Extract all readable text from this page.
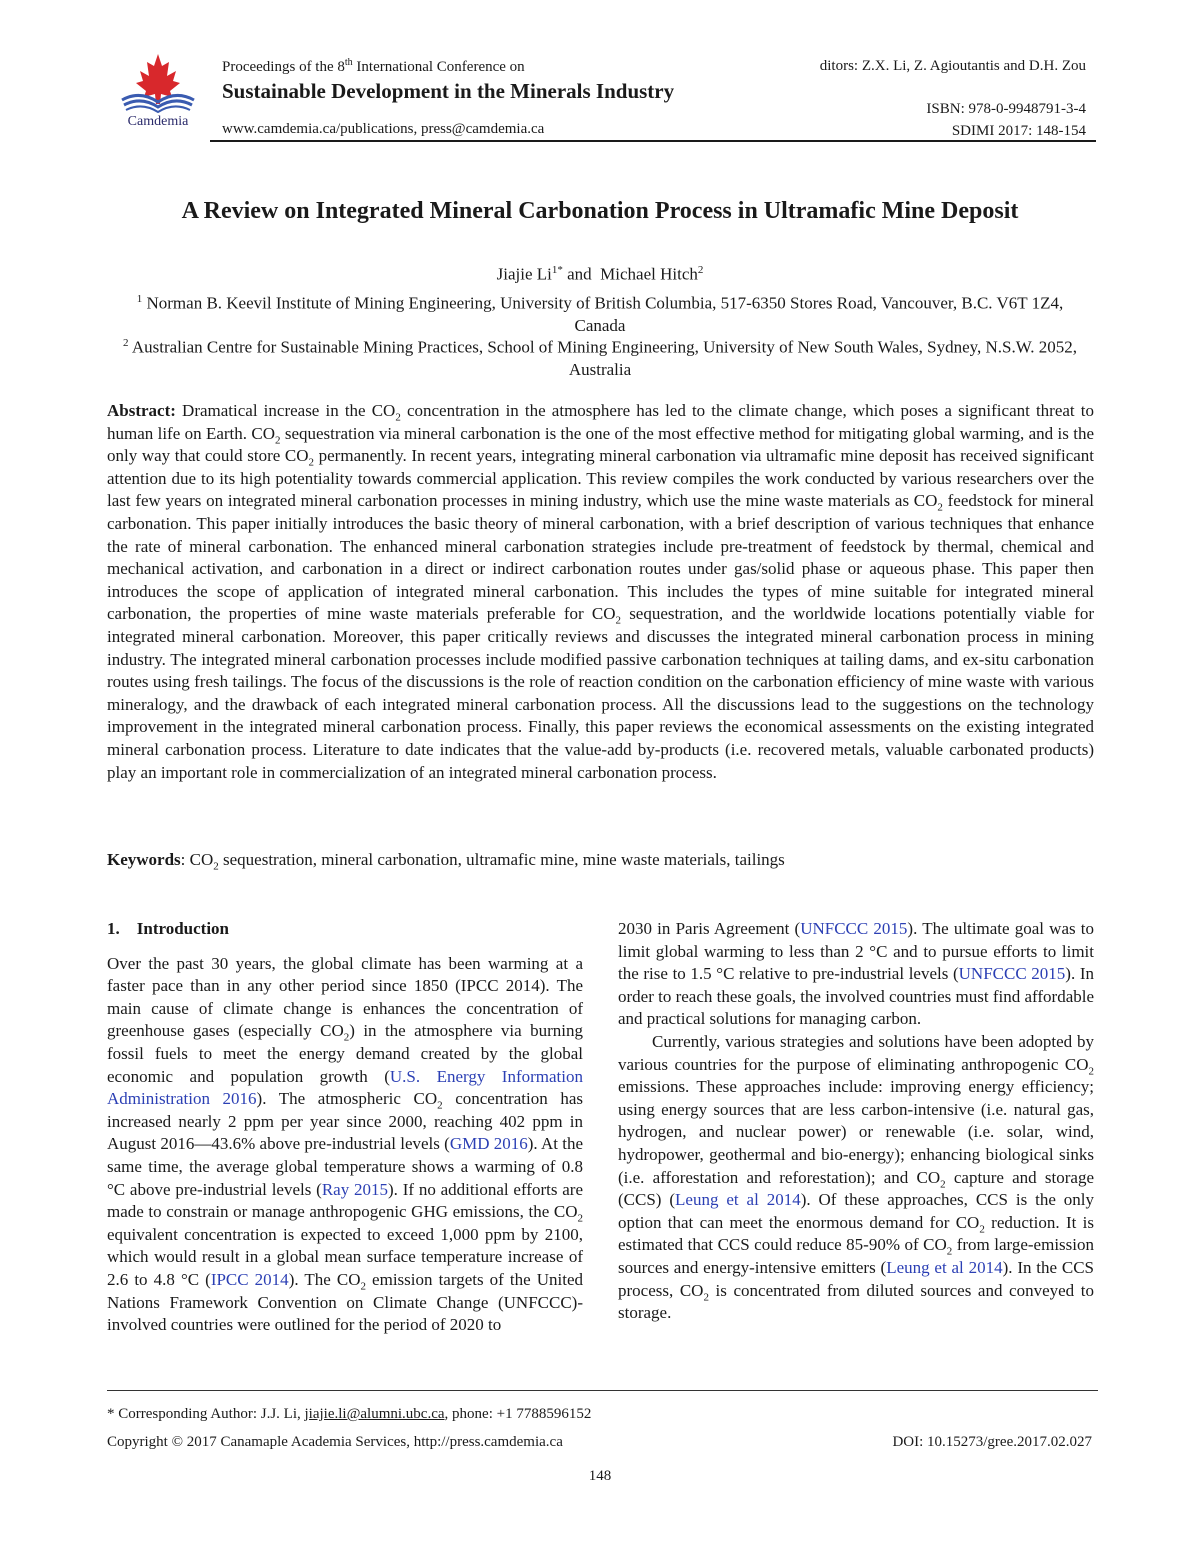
Camdemia
Proceedings of the 8th International Conference on
Sustainable Development in the Minerals Industry
www.camdemia.ca/publications, press@camdemia.ca
ditors: Z.X. Li, Z. Agioutantis and D.H. Zou
ISBN: 978-0-9948791-3-4
SDIMI 2017: 148-154
A Review on Integrated Mineral Carbonation Process in Ultramafic Mine Deposit
Jiajie $Li^{1*}$ and  Michael Hitch$^2$
$^1$ Norman B. Keevil Institute of Mining Engineering, University of British Columbia, 517-6350 Stores Road, Vancouver, B.C. V6T 1Z4, Canada
$^2$ Australian Centre for Sustainable Mining Practices, School of Mining Engineering, University of New South Wales, Sydney, N.S.W. 2052, Australia
Abstract: Dramatical increase in the $CO_2$ concentration in the atmosphere has led to the climate change, which poses a significant threat to human life on Earth. $CO_2$ sequestration via mineral carbonation is the one of the most effective method for mitigating global warming, and is the only way that could store $CO_2$ permanently. In recent years, integrating mineral carbonation via ultramafic mine deposit has received significant attention due to its high potentiality towards commercial application. This review compiles the work conducted by various researchers over the last few years on integrated mineral carbonation processes in mining industry, which use the mine waste materials as $CO_2$ feedstock for mineral carbonation. This paper initially introduces the basic theory of mineral carbonation, with a brief description of various techniques that enhance the rate of mineral carbonation. The enhanced mineral carbonation strategies include pre-treatment of feedstock by thermal, chemical and mechanical activation, and carbonation in a direct or indirect carbonation routes under gas/solid phase or aqueous phase. This paper then introduces the scope of application of integrated mineral carbonation. This includes the types of mine suitable for integrated mineral carbonation, the properties of mine waste materials preferable for $CO_2$ sequestration, and the worldwide locations potentially viable for integrated mineral carbonation. Moreover, this paper critically reviews and discusses the integrated mineral carbonation process in mining industry. The integrated mineral carbonation processes include modified passive carbonation techniques at tailing dams, and ex-situ carbonation routes using fresh tailings. The focus of the discussions is the role of reaction condition on the carbonation efficiency of mine waste with various mineralogy, and the drawback of each integrated mineral carbonation process. All the discussions lead to the suggestions on the technology improvement in the integrated mineral carbonation process. Finally, this paper reviews the economical assessments on the existing integrated mineral carbonation process. Literature to date indicates that the value-add by-products (i.e. recovered metals, valuable carbonated products) play an important role in commercialization of an integrated mineral carbonation process.
Keywords: $CO_2$ sequestration, mineral carbonation, ultramafic mine, mine waste materials, tailings
1.    Introduction

Over the past 30 years, the global climate has been warming at a faster pace than in any other period since 1850 (IPCC 2014). The main cause of climate change is enhances the concentration of greenhouse gases (especially $CO_2$) in the atmosphere via burning fossil fuels to meet the energy demand created by the global economic and population growth (U.S. Energy Information Administration 2016). The atmospheric $CO_2$ concentration has increased nearly 2 ppm per year since 2000, reaching 402 ppm in August 2016—43.6% above pre-industrial levels (GMD 2016). At the same time, the average global temperature shows a warming of 0.8 °C above pre-industrial levels (Ray 2015). If no additional efforts are made to constrain or manage anthropogenic GHG emissions, the $CO_2$ equivalent concentration is expected to exceed 1,000 ppm by 2100, which would result in a global mean surface temperature increase of 2.6 to 4.8 °C (IPCC 2014). The $CO_2$ emission targets of the United Nations Framework Convention on Climate Change (UNFCCC)-involved countries were outlined for the period of 2020 to

2030 in Paris Agreement (UNFCCC 2015). The ultimate goal was to limit global warming to less than 2 °C and to pursue efforts to limit the rise to 1.5 °C relative to pre-industrial levels (UNFCCC 2015). In order to reach these goals, the involved countries must find affordable and practical solutions for managing carbon.

Currently, various strategies and solutions have been adopted by various countries for the purpose of eliminating anthropogenic $CO_2$ emissions. These approaches include: improving energy efficiency; using energy sources that are less carbon-intensive (i.e. natural gas, hydrogen, and nuclear power) or renewable (i.e. solar, wind, hydropower, geothermal and bio-energy); enhancing biological sinks (i.e. afforestation and reforestation); and $CO_2$ capture and storage (CCS) (Leung et al 2014). Of these approaches, CCS is the only option that can meet the enormous demand for $CO_2$ reduction. It is estimated that CCS could reduce 85-90% of $CO_2$ from large-emission sources and energy-intensive emitters (Leung et al 2014). In the CCS process, $CO_2$ is concentrated from diluted sources and conveyed to storage.

* Corresponding Author: J.J. Li, jiajie.li@alumni.ubc.ca, phone: +1 7788596152
Copyright © 2017 Canamaple Academia Services, http://press.camdemia.ca	DOI: 10.15273/gree.2017.02.027
148
